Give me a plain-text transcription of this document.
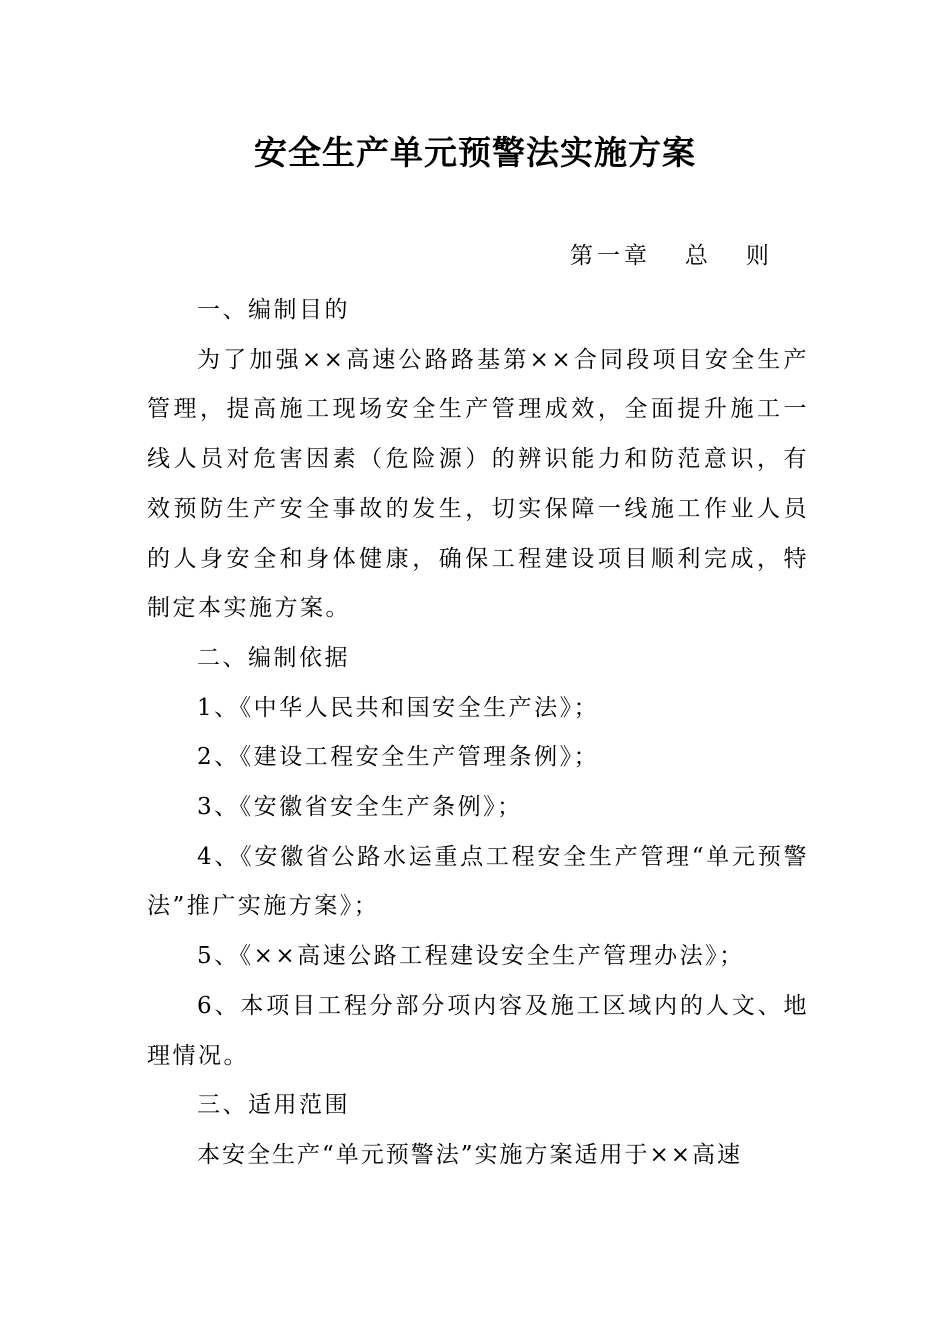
安全生产单元预警法实施方案
第一章   总   则

一、编制目的

为了加强××高速公路路基第××合同段项目安全生产管理，提高施工现场安全生产管理成效，全面提升施工一线人员对危害因素（危险源）的辨识能力和防范意识，有效预防生产安全事故的发生，切实保障一线施工作业人员的人身安全和身体健康，确保工程建设项目顺利完成，特制定本实施方案。

二、编制依据

1、《中华人民共和国安全生产法》；

2、《建设工程安全生产管理条例》；

3、《安徽省安全生产条例》；

4、《安徽省公路水运重点工程安全生产管理“单元预警法”推广实施方案》；

5、《××高速公路工程建设安全生产管理办法》；

6、本项目工程分部分项内容及施工区域内的人文、地理情况。

三、适用范围

本安全生产“单元预警法”实施方案适用于××高速
